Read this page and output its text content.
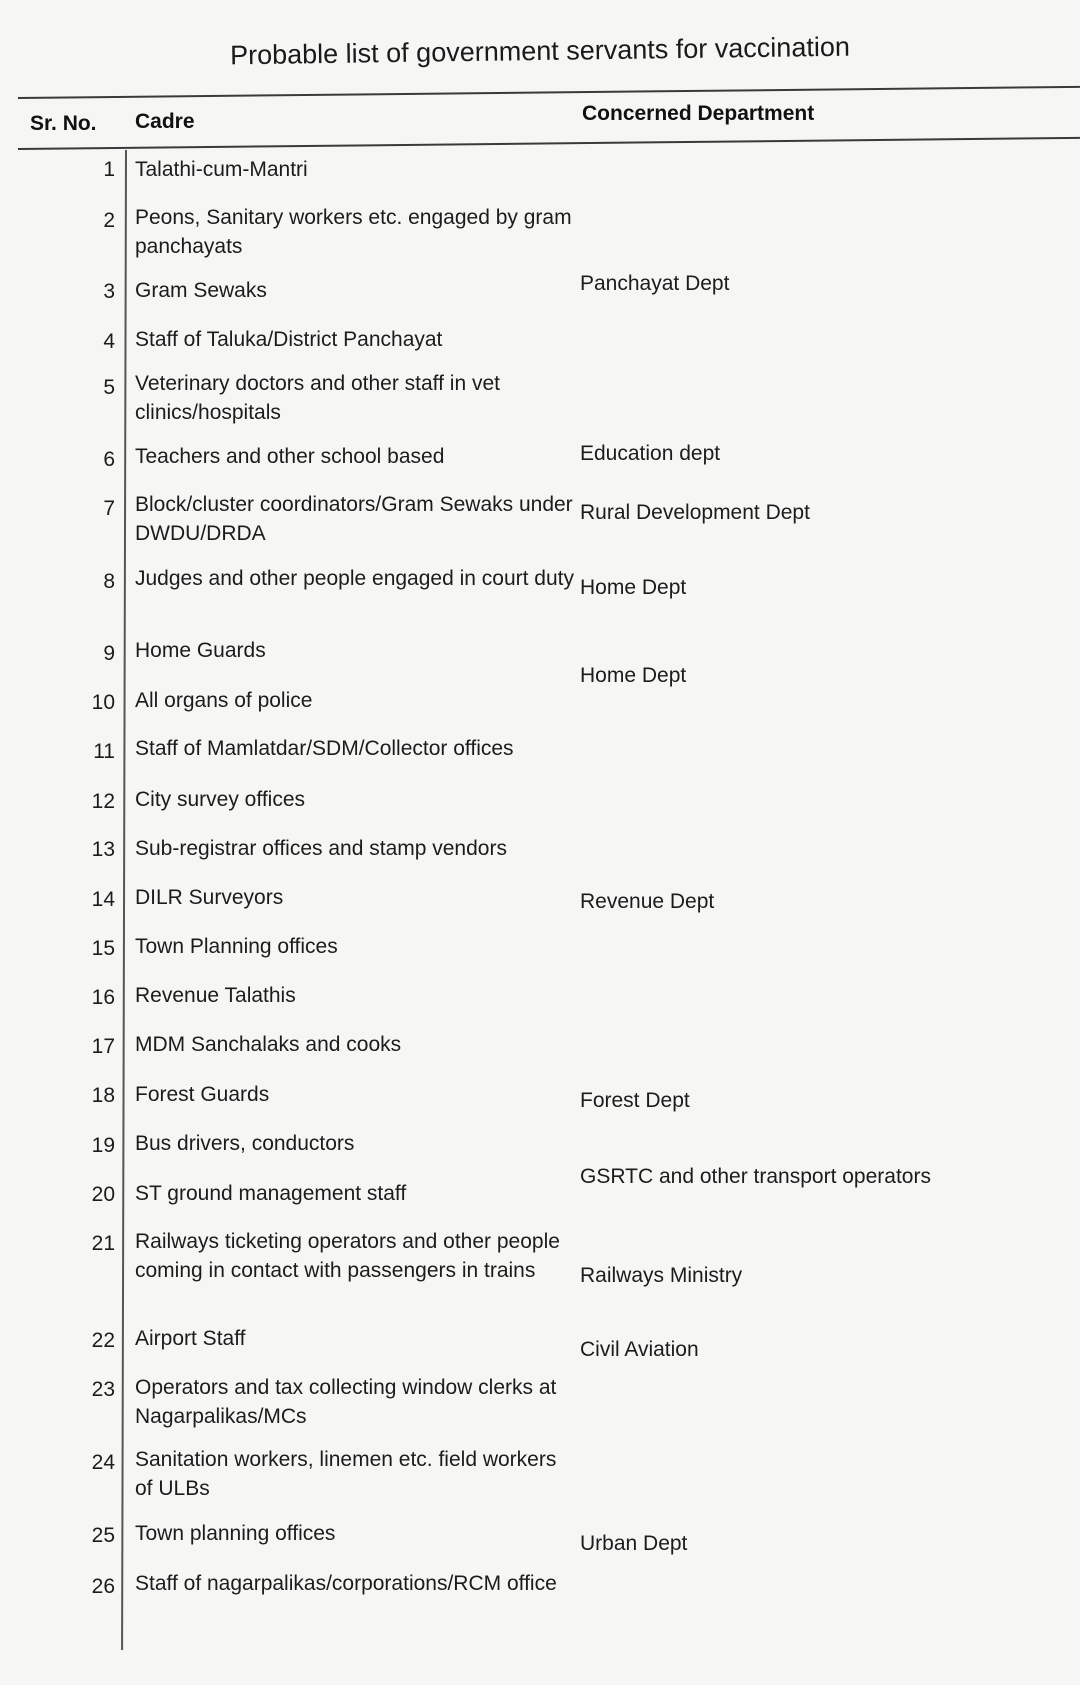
Probable list of government servants for vaccination
Sr. No. Cadre	Concerned Department
1 Talathi-cum-Mantri
2 Peons, Sanitary workers etc. engaged by gram panchayats
3 Gram Sewaks
4 Staff of Taluka/District Panchayat
5 Veterinary doctors and other staff in vet clinics/hospitals
6 Teachers and other school based
7 Block/cluster coordinators/Gram Sewaks under DWDU/DRDA
8 Judges and other people engaged in court duty
9 Home Guards
10 All organs of police
11 Staff of Mamlatdar/SDM/Collector offices
12 City survey offices
13 Sub-registrar offices and stamp vendors
14 DILR Surveyors
15 Town Planning offices
16 Revenue Talathis
17 MDM Sanchalaks and cooks
18 Forest Guards
19 Bus drivers, conductors
20 ST ground management staff
21 Railways ticketing operators and other people coming in contact with passengers in trains
22 Airport Staff
23 Operators and tax collecting window clerks at Nagarpalikas/MCs
24 Sanitation workers, linemen etc. field workers of ULBs
25 Town planning offices
26 Staff of nagarpalikas/corporations/RCM office
Panchayat Dept
Education dept
Rural Development Dept
Home Dept
Home Dept
Revenue Dept
Forest Dept
GSRTC and other transport operators
Railways Ministry
Civil Aviation
Urban Dept
